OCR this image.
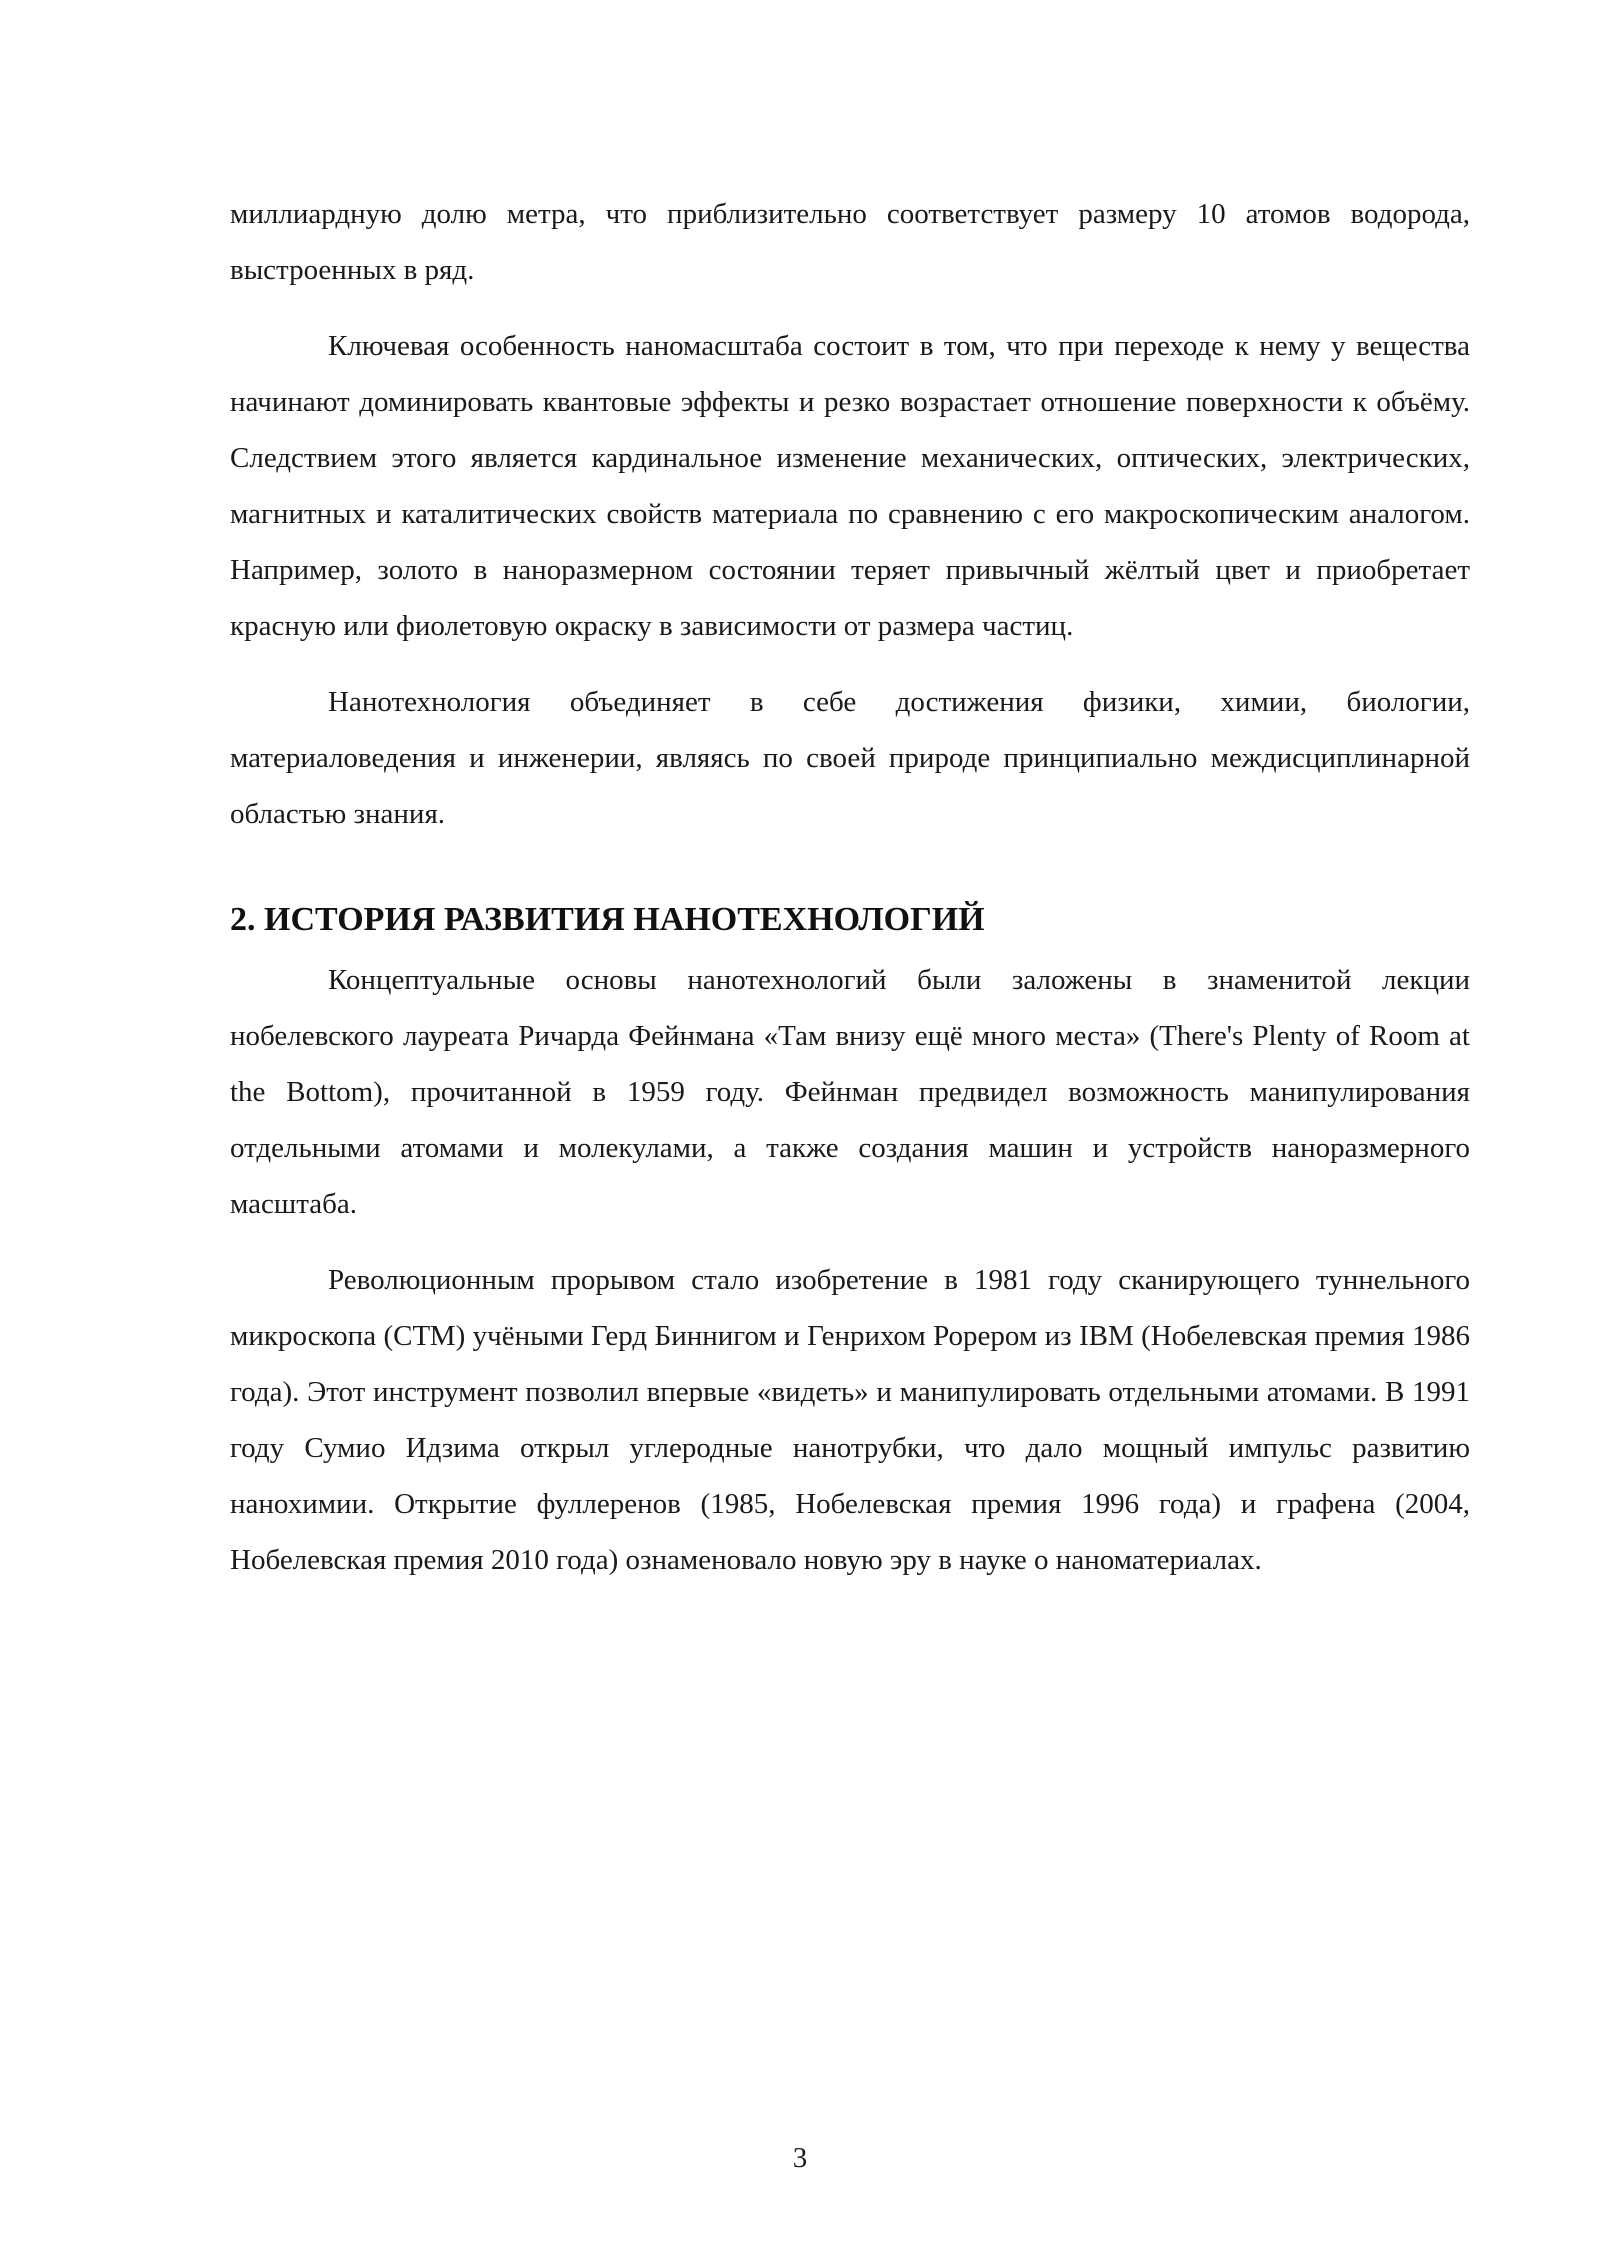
миллиардную долю метра, что приблизительно соответствует размеру 10 атомов водорода, выстроенных в ряд.

Ключевая особенность наномасштаба состоит в том, что при переходе к нему у вещества начинают доминировать квантовые эффекты и резко возрастает отношение поверхности к объёму. Следствием этого является кардинальное изменение механических, оптических, электрических, магнитных и каталитических свойств материала по сравнению с его макроскопическим аналогом. Например, золото в наноразмерном состоянии теряет привычный жёлтый цвет и приобретает красную или фиолетовую окраску в зависимости от размера частиц.

Нанотехнология объединяет в себе достижения физики, химии, биологии, материаловедения и инженерии, являясь по своей природе принципиально междисциплинарной областью знания.

2. ИСТОРИЯ РАЗВИТИЯ НАНОТЕХНОЛОГИЙ

Концептуальные основы нанотехнологий были заложены в знаменитой лекции нобелевского лауреата Ричарда Фейнмана «Там внизу ещё много места» (There's Plenty of Room at the Bottom), прочитанной в 1959 году. Фейнман предвидел возможность манипулирования отдельными атомами и молекулами, а также создания машин и устройств наноразмерного масштаба.

Революционным прорывом стало изобретение в 1981 году сканирующего туннельного микроскопа (СТМ) учёными Герд Биннигом и Генрихом Рорером из IBM (Нобелевская премия 1986 года). Этот инструмент позволил впервые «видеть» и манипулировать отдельными атомами. В 1991 году Сумио Идзима открыл углеродные нанотрубки, что дало мощный импульс развитию нанохимии. Открытие фуллеренов (1985, Нобелевская премия 1996 года) и графена (2004, Нобелевская премия 2010 года) ознаменовало новую эру в науке о наноматериалах.

3
